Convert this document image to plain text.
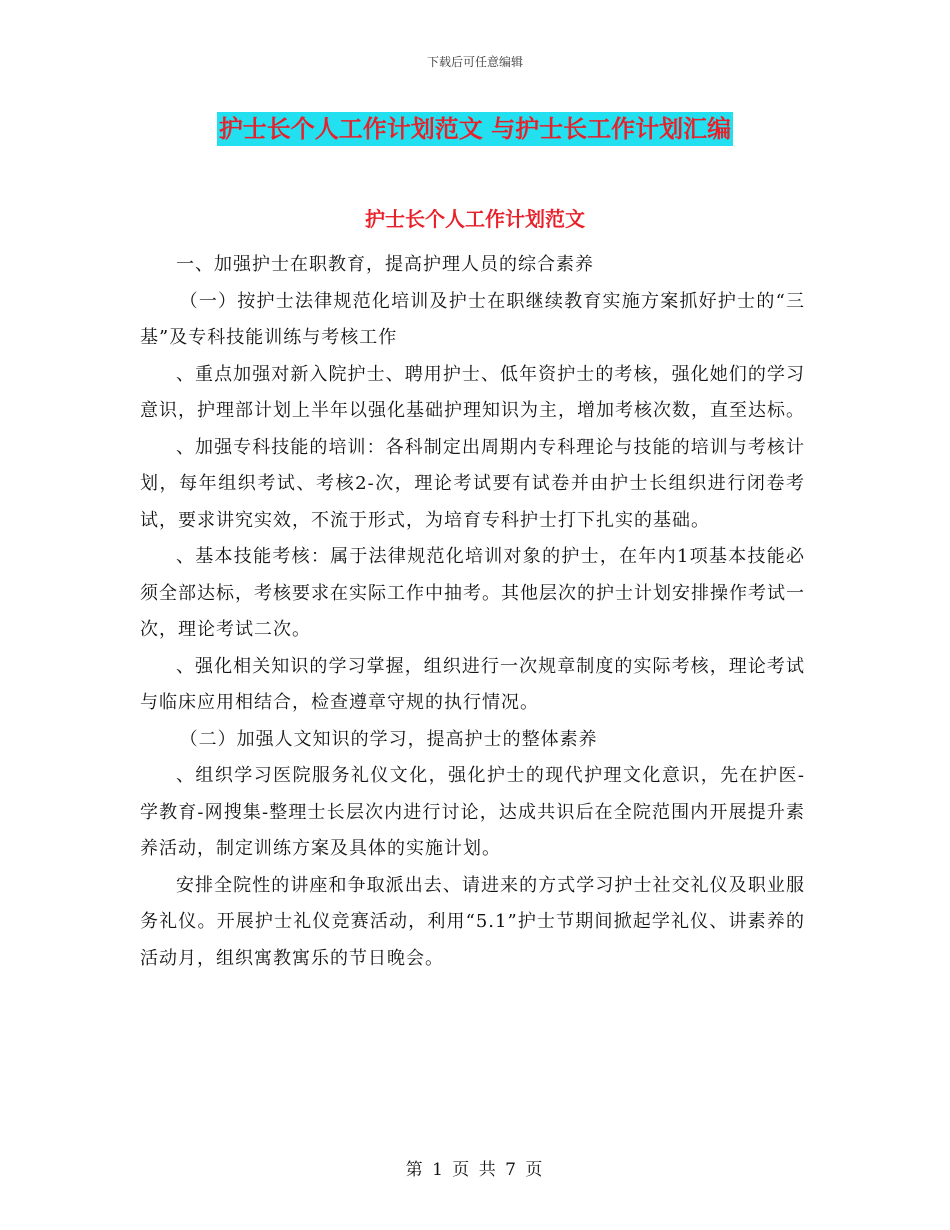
下载后可任意编辑
护士长个人工作计划范文 与护士长工作计划汇编
护士长个人工作计划范文

一、加强护士在职教育，提高护理人员的综合素养

（一）按护士法律规范化培训及护士在职继续教育实施方案抓好护士的“三基”及专科技能训练与考核工作

、重点加强对新入院护士、聘用护士、低年资护士的考核，强化她们的学习意识，护理部计划上半年以强化基础护理知识为主，增加考核次数，直至达标。

、加强专科技能的培训：各科制定出周期内专科理论与技能的培训与考核计划，每年组织考试、考核2-次，理论考试要有试卷并由护士长组织进行闭卷考试，要求讲究实效，不流于形式，为培育专科护士打下扎实的基础。

、基本技能考核：属于法律规范化培训对象的护士，在年内1项基本技能必须全部达标，考核要求在实际工作中抽考。其他层次的护士计划安排操作考试一次，理论考试二次。

、强化相关知识的学习掌握，组织进行一次规章制度的实际考核，理论考试与临床应用相结合，检查遵章守规的执行情况。

（二）加强人文知识的学习，提高护士的整体素养

、组织学习医院服务礼仪文化，强化护士的现代护理文化意识，先在护医-学教育-网搜集-整理士长层次内进行讨论，达成共识后在全院范围内开展提升素养活动，制定训练方案及具体的实施计划。

安排全院性的讲座和争取派出去、请进来的方式学习护士社交礼仪及职业服务礼仪。开展护士礼仪竞赛活动，利用“5.1”护士节期间掀起学礼仪、讲素养的活动月，组织寓教寓乐的节日晚会。

第 1 页 共 7 页
